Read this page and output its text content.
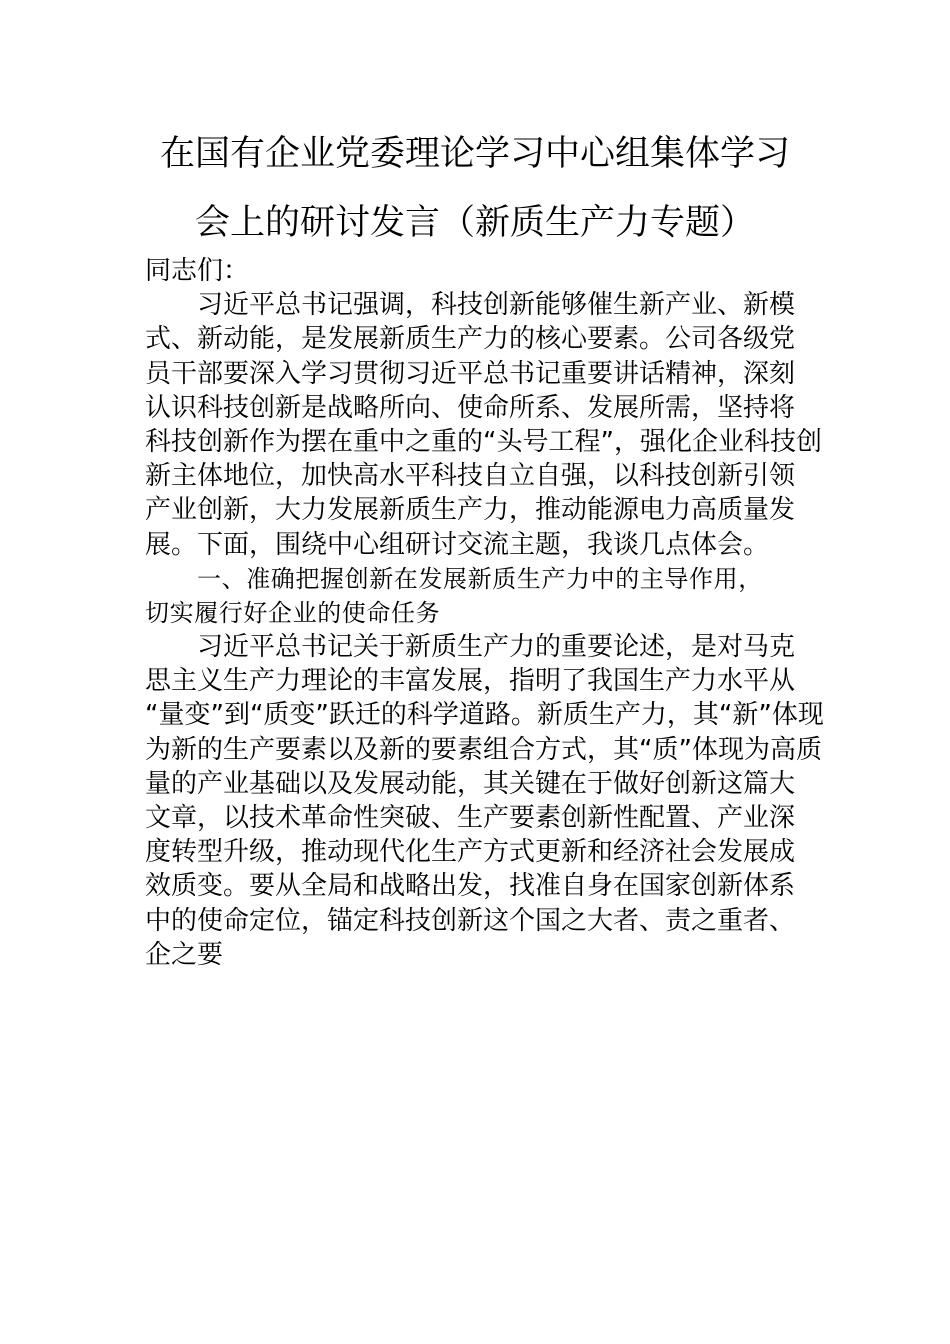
在国有企业党委理论学习中心组集体学习
会上的研讨发言（新质生产力专题）
同志们：
习近平总书记强调，科技创新能够催生新产业、新模
式、新动能，是发展新质生产力的核心要素。公司各级党
员干部要深入学习贯彻习近平总书记重要讲话精神，深刻
认识科技创新是战略所向、使命所系、发展所需，坚持将
科技创新作为摆在重中之重的“头号工程”，强化企业科技创
新主体地位，加快高水平科技自立自强，以科技创新引领
产业创新，大力发展新质生产力，推动能源电力高质量发
展。下面，围绕中心组研讨交流主题，我谈几点体会。
一、准确把握创新在发展新质生产力中的主导作用，
切实履行好企业的使命任务
习近平总书记关于新质生产力的重要论述，是对马克
思主义生产力理论的丰富发展，指明了我国生产力水平从
“量变”到“质变”跃迁的科学道路。新质生产力，其“新”体现
为新的生产要素以及新的要素组合方式，其“质”体现为高质
量的产业基础以及发展动能，其关键在于做好创新这篇大
文章，以技术革命性突破、生产要素创新性配置、产业深
度转型升级，推动现代化生产方式更新和经济社会发展成
效质变。要从全局和战略出发，找准自身在国家创新体系
中的使命定位，锚定科技创新这个国之大者、责之重者、
企之要
